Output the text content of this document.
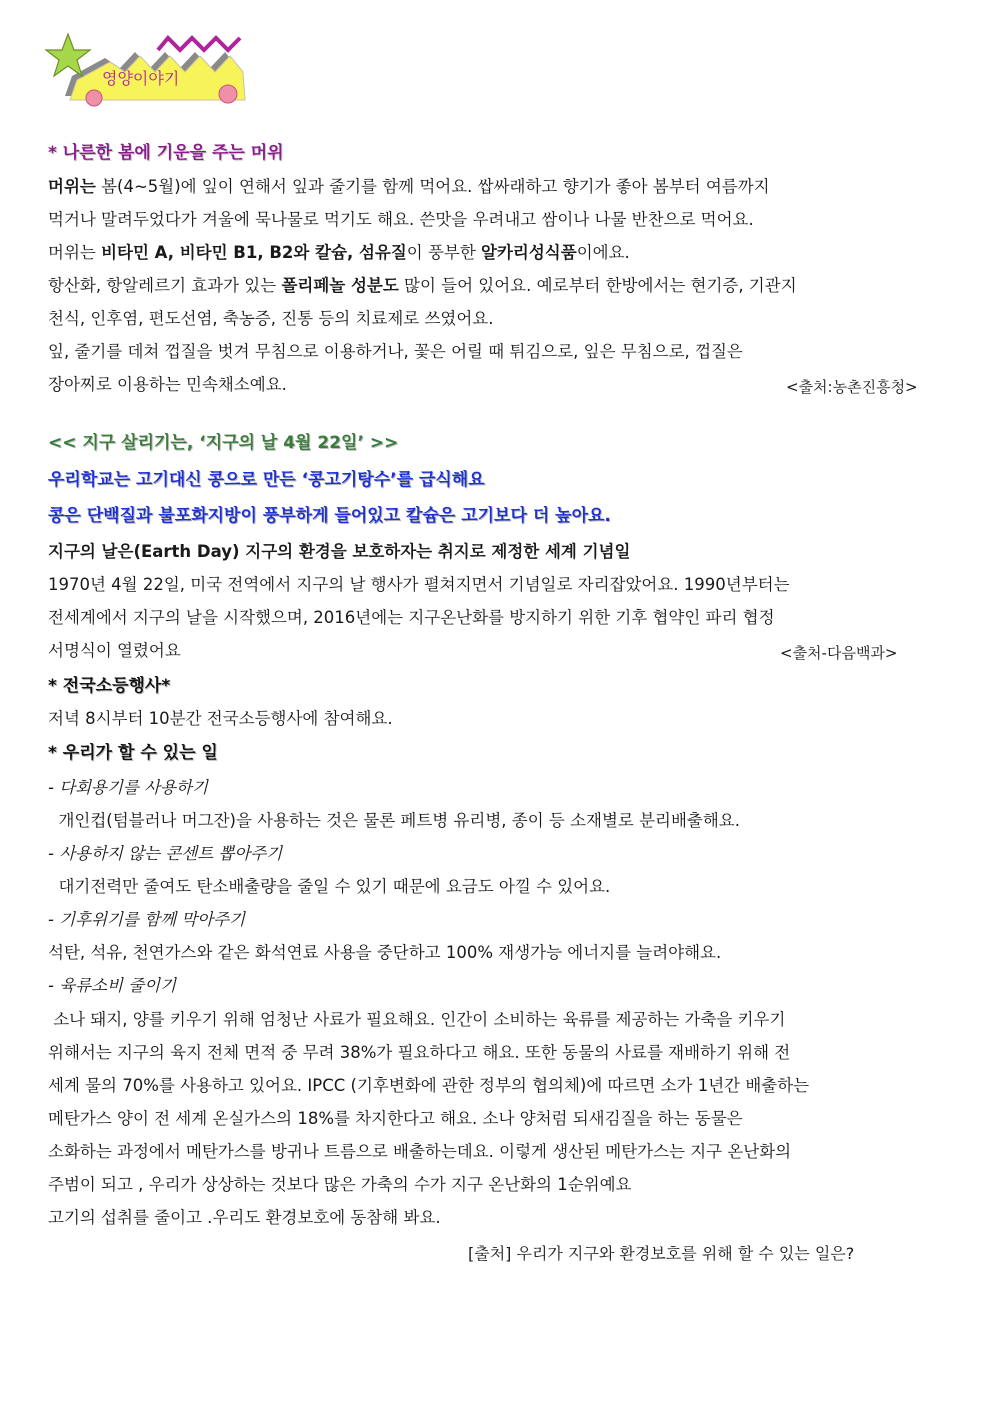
영양이야기
* 나른한 봄에 기운을 주는 머위
머위는 봄(4~5월)에 잎이 연해서 잎과 줄기를 함께 먹어요. 쌉싸래하고 향기가 좋아 봄부터 여름까지
먹거나 말려두었다가 겨울에 묵나물로 먹기도 해요. 쓴맛을 우려내고 쌈이나 나물 반찬으로 먹어요.
머위는 비타민 A, 비타민 B1, B2와 칼슘, 섬유질이 풍부한 알카리성식품이에요.
항산화, 항알레르기 효과가 있는 폴리페놀 성분도 많이 들어 있어요. 예로부터 한방에서는 현기증, 기관지
천식, 인후염, 편도선염, 축농증, 진통 등의 치료제로 쓰였어요.
잎, 줄기를 데쳐 껍질을 벗겨 무침으로 이용하거나, 꽃은 어릴 때 튀김으로, 잎은 무침으로, 껍질은
장아찌로 이용하는 민속채소예요.	<출처:농촌진흥청>
<< 지구 살리기는, ‘지구의 날 4월 22일’ >>
우리학교는 고기대신 콩으로 만든 ‘콩고기탕수’를 급식해요
콩은 단백질과 불포화지방이 풍부하게 들어있고 칼슘은 고기보다 더 높아요.
지구의 날은(Earth Day) 지구의 환경을 보호하자는 취지로 제정한 세계 기념일
1970년 4월 22일, 미국 전역에서 지구의 날 행사가 펼쳐지면서 기념일로 자리잡았어요. 1990년부터는
전세계에서 지구의 날을 시작했으며, 2016년에는 지구온난화를 방지하기 위한 기후 협약인 파리 협정
서명식이 열렸어요	<출처-다음백과>
* 전국소등행사*
저녁 8시부터 10분간 전국소등행사에 참여해요.
* 우리가 할 수 있는 일
- 다회용기를 사용하기
개인컵(텀블러나 머그잔)을 사용하는 것은 물론 페트병 유리병, 종이 등 소재별로 분리배출해요.
- 사용하지 않는 콘센트 뽑아주기
대기전력만 줄여도 탄소배출량을 줄일 수 있기 때문에 요금도 아낄 수 있어요.
- 기후위기를 함께 막아주기
석탄, 석유, 천연가스와 같은 화석연료 사용을 중단하고 100% 재생가능 에너지를 늘려야해요.
- 육류소비 줄이기
소나 돼지, 양를 키우기 위해 엄청난 사료가 필요해요. 인간이 소비하는 육류를 제공하는 가축을 키우기
위해서는 지구의 육지 전체 면적 중 무려 38%가 필요하다고 해요. 또한 동물의 사료를 재배하기 위해 전
세계 물의 70%를 사용하고 있어요. IPCC (기후변화에 관한 정부의 협의체)에 따르면 소가 1년간 배출하는
메탄가스 양이 전 세계 온실가스의 18%를 차지한다고 해요. 소나 양처럼 되새김질을 하는 동물은
소화하는 과정에서 메탄가스를 방귀나 트름으로 배출하는데요. 이렇게 생산된 메탄가스는 지구 온난화의
주범이 되고 , 우리가 상상하는 것보다 많은 가축의 수가 지구 온난화의 1순위예요
고기의 섭취를 줄이고 .우리도 환경보호에 동참해 봐요.
[출처] 우리가 지구와 환경보호를 위해 할 수 있는 일은?
